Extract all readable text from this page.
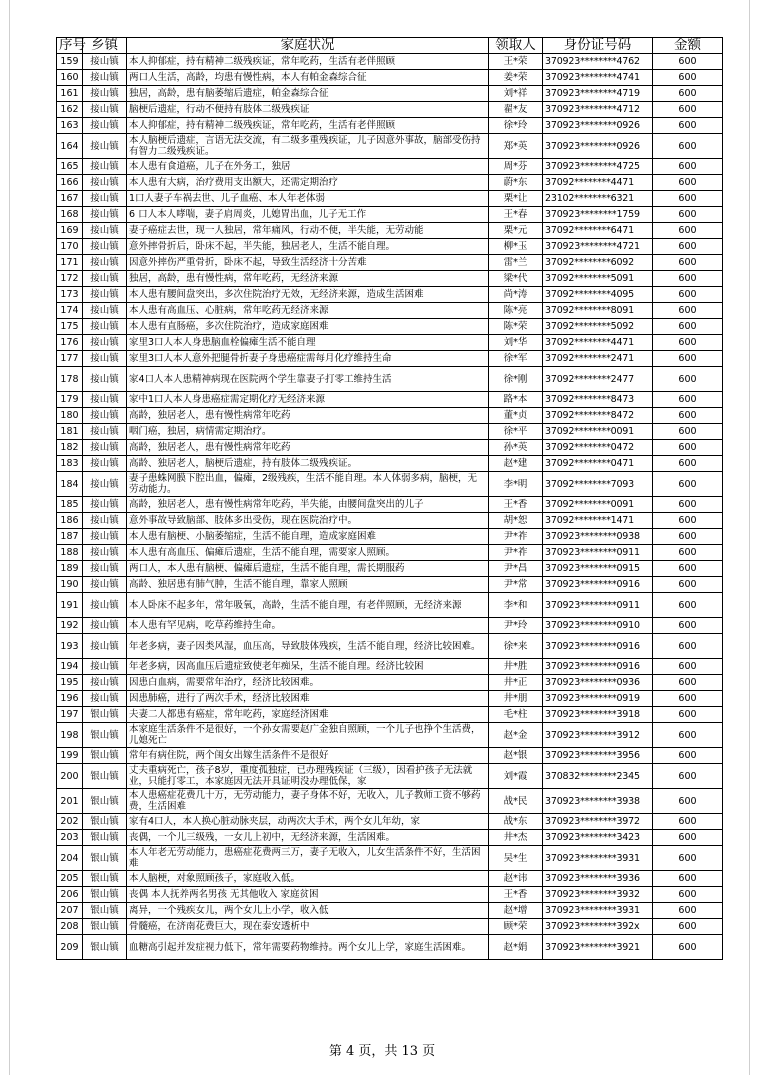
序号	乡镇	家庭状况	领取人	身份证号码	金额
159	接山镇	本人抑郁症，持有精神二级残疾证，常年吃药，生活有老伴照顾	王*荣	370923********4762	600
160	接山镇	两口人生活，高龄，均患有慢性病，本人有帕金森综合征	姜*荣	370923********4741	600
161	接山镇	独居，高龄，患有脑萎缩后遗症，帕金森综合征	刘*祥	370923********4719	600
162	接山镇	脑梗后遗症，行动不便持有肢体二级残疾证	翟*友	370923********4712	600
163	接山镇	本人抑郁症，持有精神二级残疾证，常年吃药，生活有老伴照顾	徐*玲	370923********0926	600
164	接山镇	本人脑梗后遗症，言语无法交流，有二级多重残疾证，儿子因意外事故，脑部受伤持有智力二级残疾证。	郑*英	370923********0926	600
165	接山镇	本人患有食道癌，儿子在外务工，独居	周*芬	370923********4725	600
166	接山镇	本人患有大病，治疗费用支出额大，还需定期治疗	蔚*东	37092********4471	600
167	接山镇	1口人妻子车祸去世、儿子血癌、本人年老体弱	栗*让	23102********6321	600
168	接山镇	6 口人本人哮喘，妻子肩周炎，儿媳胃出血，儿子无工作	王*春	370923********1759	600
169	接山镇	妻子癌症去世，现一人独居，常年痛风，行动不便，半失能，无劳动能	栗*元	37092********6471	600
170	接山镇	意外摔骨折后，卧床不起，半失能，独居老人，生活不能自理。	柳*玉	370923********4721	600
171	接山镇	因意外摔伤严重骨折，卧床不起，导致生活经济十分苦难	雷*兰	37092********6092	600
172	接山镇	独居，高龄，患有慢性病，常年吃药，无经济来源	梁*代	37092********5091	600
173	接山镇	本人患有腰间盘突出，多次住院治疗无效，无经济来源，造成生活困难	尚*涛	37092********4095	600
174	接山镇	本人患有高血压、心脏病，常年吃药无经济来源	陈*亮	37092********8091	600
175	接山镇	本人患有直肠癌，多次住院治疗，造成家庭困难	陈*荣	37092********5092	600
176	接山镇	家里3口人本人身患脑血栓偏瘫生活不能自理	刘*华	37092********4471	600
177	接山镇	家里3口人本人意外把腿骨折妻子身患癌症需每月化疗维持生命	徐*军	37092********2471	600
178	接山镇	家4口人本人患精神病现在医院两个学生靠妻子打零工维持生活	徐*刚	37092********2477	600
179	接山镇	家中1口人本人身患癌症需定期化疗无经济来源	路*本	37092********8473	600
180	接山镇	高龄，独居老人，患有慢性病常年吃药	董*贞	37092********8472	600
181	接山镇	咽门癌，独居，病情需定期治疗。	徐*平	37092********0091	600
182	接山镇	高龄，独居老人，患有慢性病常年吃药	孙*英	37092********0472	600
183	接山镇	高龄、独居老人，脑梗后遗症，持有肢体二级残疾证。	赵*建	37092********0471	600
184	接山镇	妻子患蛛网膜下腔出血，偏瘫，2级残疾，生活不能自理。本人体弱多病，脑梗，无劳动能力。	李*明	37092********7093	600
185	接山镇	高龄，独居老人，患有慢性病常年吃药，半失能，由腰间盘突出的儿子	王*香	37092********0091	600
186	接山镇	意外事故导致脑部、肢体多出受伤，现在医院治疗中。	胡*恕	37092********1471	600
187	接山镇	本人患有脑梗、小脑萎缩症，生活不能自理，造成家庭困难	尹*祚	370923********0938	600
188	接山镇	本人患有高血压、偏瘫后遗症，生活不能自理，需要家人照顾。	尹*祚	370923********0911	600
189	接山镇	两口人，本人患有脑梗、偏瘫后遗症，生活不能自理，需长期服药	尹*昌	370923********0915	600
190	接山镇	高龄、独居患有肺气肿，生活不能自理，靠家人照顾	尹*常	370923********0916	600
191	接山镇	本人卧床不起多年，常年吸氧，高龄，生活不能自理，有老伴照顾，无经济来源	李*和	370923********0911	600
192	接山镇	本人患有罕见病，吃草药维持生命。	尹*玲	370923********0910	600
193	接山镇	年老多病，妻子因类风湿，血压高，导致肢体残疾，生活不能自理，经济比较困难。	徐*来	370923********0916	600
194	接山镇	年老多病，因高血压后遗症致使老年痴呆，生活不能自理。经济比较困	井*胜	370923********0916	600
195	接山镇	因患白血病，需要常年治疗，经济比较困难。	井*正	370923********0936	600
196	接山镇	因患肺癌，进行了两次手术，经济比较困难	井*朋	370923********0919	600
197	银山镇	夫妻二人都患有癌症，常年吃药，家庭经济困难	毛*柱	370923********3918	600
198	银山镇	本家庭生活条件不是很好，一个孙女需要赵广金独自照顾，一个儿子也挣个生活费，儿媳死亡	赵*金	370923********3912	600
199	银山镇	常年有病住院，两个闺女出嫁生活条件不是很好	赵*银	370923********3956	600
200	银山镇	丈夫重病死亡，孩子8岁，重度孤独症，已办理残疾证（三级），因看护孩子无法就业，只能打零工，本家庭因无法开具证明没办理低保，家	刘*霞	370832********2345	600
201	银山镇	本人患癌症花费几十万，无劳动能力，妻子身体不好，无收入，儿子教师工资不够药费，生活困难	战*民	370923********3938	600
202	银山镇	家有4口人，本人换心脏动脉夹层，动两次大手术，两个女儿年幼，家	战*东	370923********3972	600
203	银山镇	丧偶，一个儿三级残，一女儿上初中，无经济来源，生活困难。	井*杰	370923********3423	600
204	银山镇	本人年老无劳动能力，患癌症花费两三万，妻子无收入，儿女生活条件不好，生活困难	吴*生	370923********3931	600
205	银山镇	本人脑梗，对象照顾孩子，家庭收入低。	赵*讳	370923********3936	600
206	银山镇	丧偶 本人抚养两名男孩 无其他收入 家庭贫困	王*香	370923********3932	600
207	银山镇	离异，一个残疾女儿，两个女儿上小学，收入低	赵*增	370923********3931	600
208	银山镇	骨髓癌，在济南花费巨大，现在泰安透析中	顾*荣	370923********392x	600
209	银山镇	血糖高引起并发症视力低下，常年需要药物维持。两个女儿上学，家庭生活困难。	赵*娟	370923********3921	600
第 4 页，共 13 页
